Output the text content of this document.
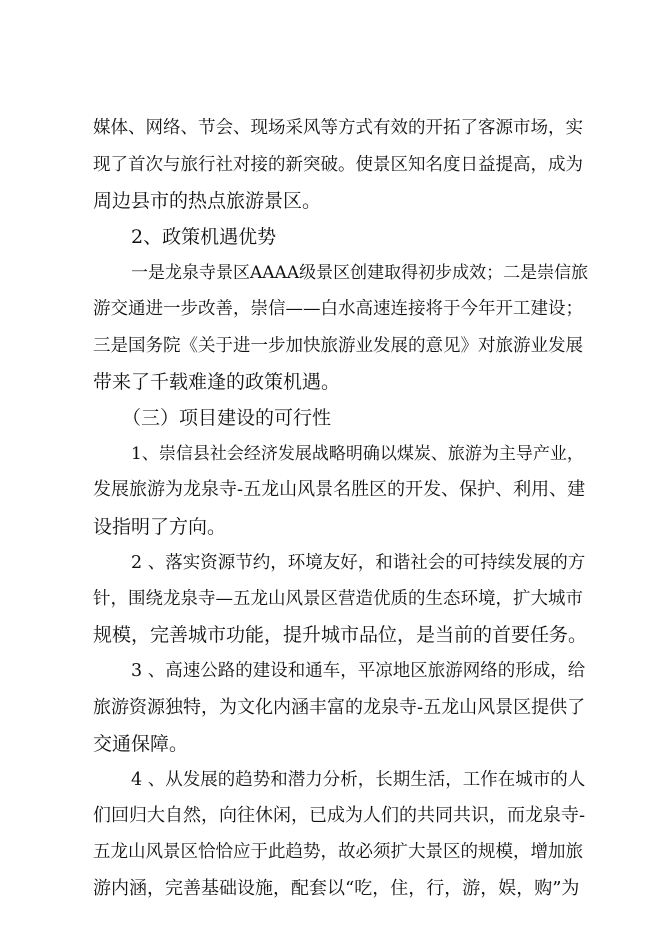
媒体、网络、节会、现场采风等方式有效的开拓了客源市场，实
现了首次与旅行社对接的新突破。使景区知名度日益提高，成为
周边县市的热点旅游景区。
2、政策机遇优势
一是龙泉寺景区AAAA级景区创建取得初步成效；二是崇信旅
游交通进一步改善，崇信——白水高速连接将于今年开工建设；
三是国务院《关于进一步加快旅游业发展的意见》对旅游业发展
带来了千载难逢的政策机遇。
（三）项目建设的可行性
1、崇信县社会经济发展战略明确以煤炭、旅游为主导产业，
发展旅游为龙泉寺-五龙山风景名胜区的开发、保护、利用、建
设指明了方向。
2 、落实资源节约，环境友好，和谐社会的可持续发展的方
针，围绕龙泉寺—五龙山风景区营造优质的生态环境，扩大城市
规模，完善城市功能，提升城市品位，是当前的首要任务。
3 、高速公路的建设和通车，平凉地区旅游网络的形成，给
旅游资源独特，为文化内涵丰富的龙泉寺-五龙山风景区提供了
交通保障。
4 、从发展的趋势和潜力分析，长期生活，工作在城市的人
们回归大自然，向往休闲，已成为人们的共同共识，而龙泉寺-
五龙山风景区恰恰应于此趋势，故必须扩大景区的规模，增加旅
游内涵，完善基础设施，配套以“吃，住，行，游，娱，购”为
